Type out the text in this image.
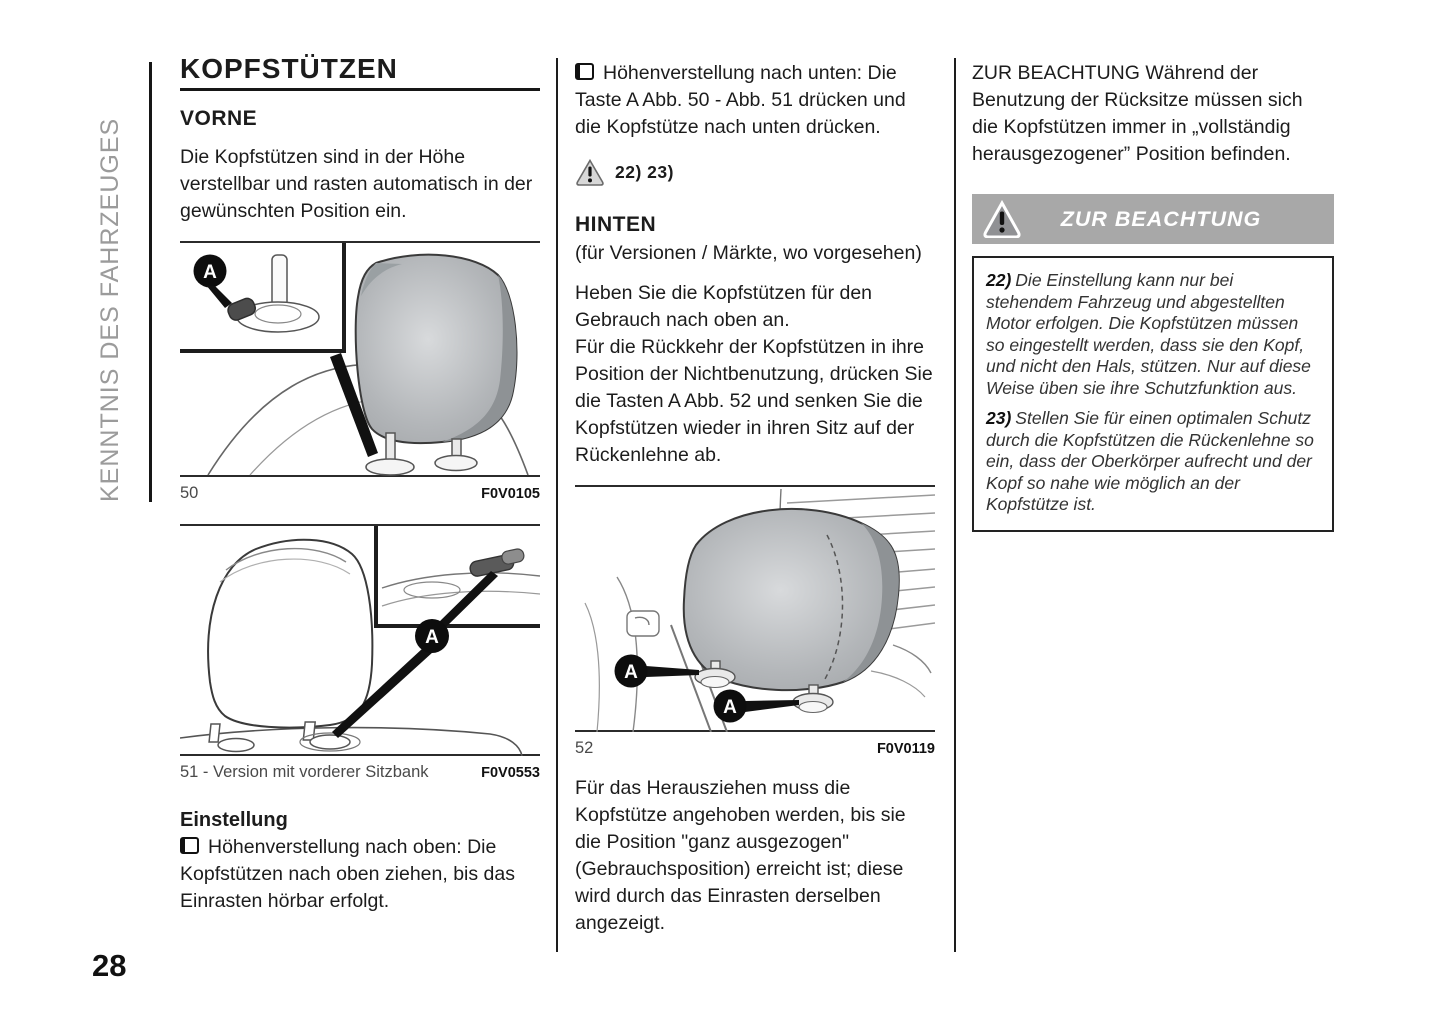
KENNTNIS DES FAHRZEUGES
28
KOPFSTÜTZEN
VORNE

Die Kopfstützen sind in der Höhe verstellbar und rasten automatisch in der gewünschten Position ein.

A
50	F0V0105
A
51 - Version mit vorderer Sitzbank	F0V0553
Einstellung

Höhenverstellung nach oben: Die Kopfstützen nach oben ziehen, bis das Einrasten hörbar erfolgt.

Höhenverstellung nach unten: Die Taste A Abb. 50 - Abb. 51 drücken und die Kopfstütze nach unten drücken.

22) 23)
HINTEN

(für Versionen / Märkte, wo vorgesehen)

Heben Sie die Kopfstützen für den Gebrauch nach oben an.
Für die Rückkehr der Kopfstützen in ihre Position der Nichtbenutzung, drücken Sie die Tasten A Abb. 52 und senken Sie die Kopfstützen wieder in ihren Sitz auf der Rückenlehne ab.

A
A
52	F0V0119

Für das Herausziehen muss die Kopfstütze angehoben werden, bis sie die Position "ganz ausgezogen" (Gebrauchsposition) erreicht ist; diese wird durch das Einrasten derselben angezeigt.

ZUR BEACHTUNG Während der Benutzung der Rücksitze müssen sich die Kopfstützen immer in „vollständig herausgezogener” Position befinden.

ZUR BEACHTUNG

22) Die Einstellung kann nur bei stehendem Fahrzeug und abgestellten Motor erfolgen. Die Kopfstützen müssen so eingestellt werden, dass sie den Kopf, und nicht den Hals, stützen. Nur auf diese Weise üben sie ihre Schutzfunktion aus.

23) Stellen Sie für einen optimalen Schutz durch die Kopfstützen die Rückenlehne so ein, dass der Oberkörper aufrecht und der Kopf so nahe wie möglich an der Kopfstütze ist.
